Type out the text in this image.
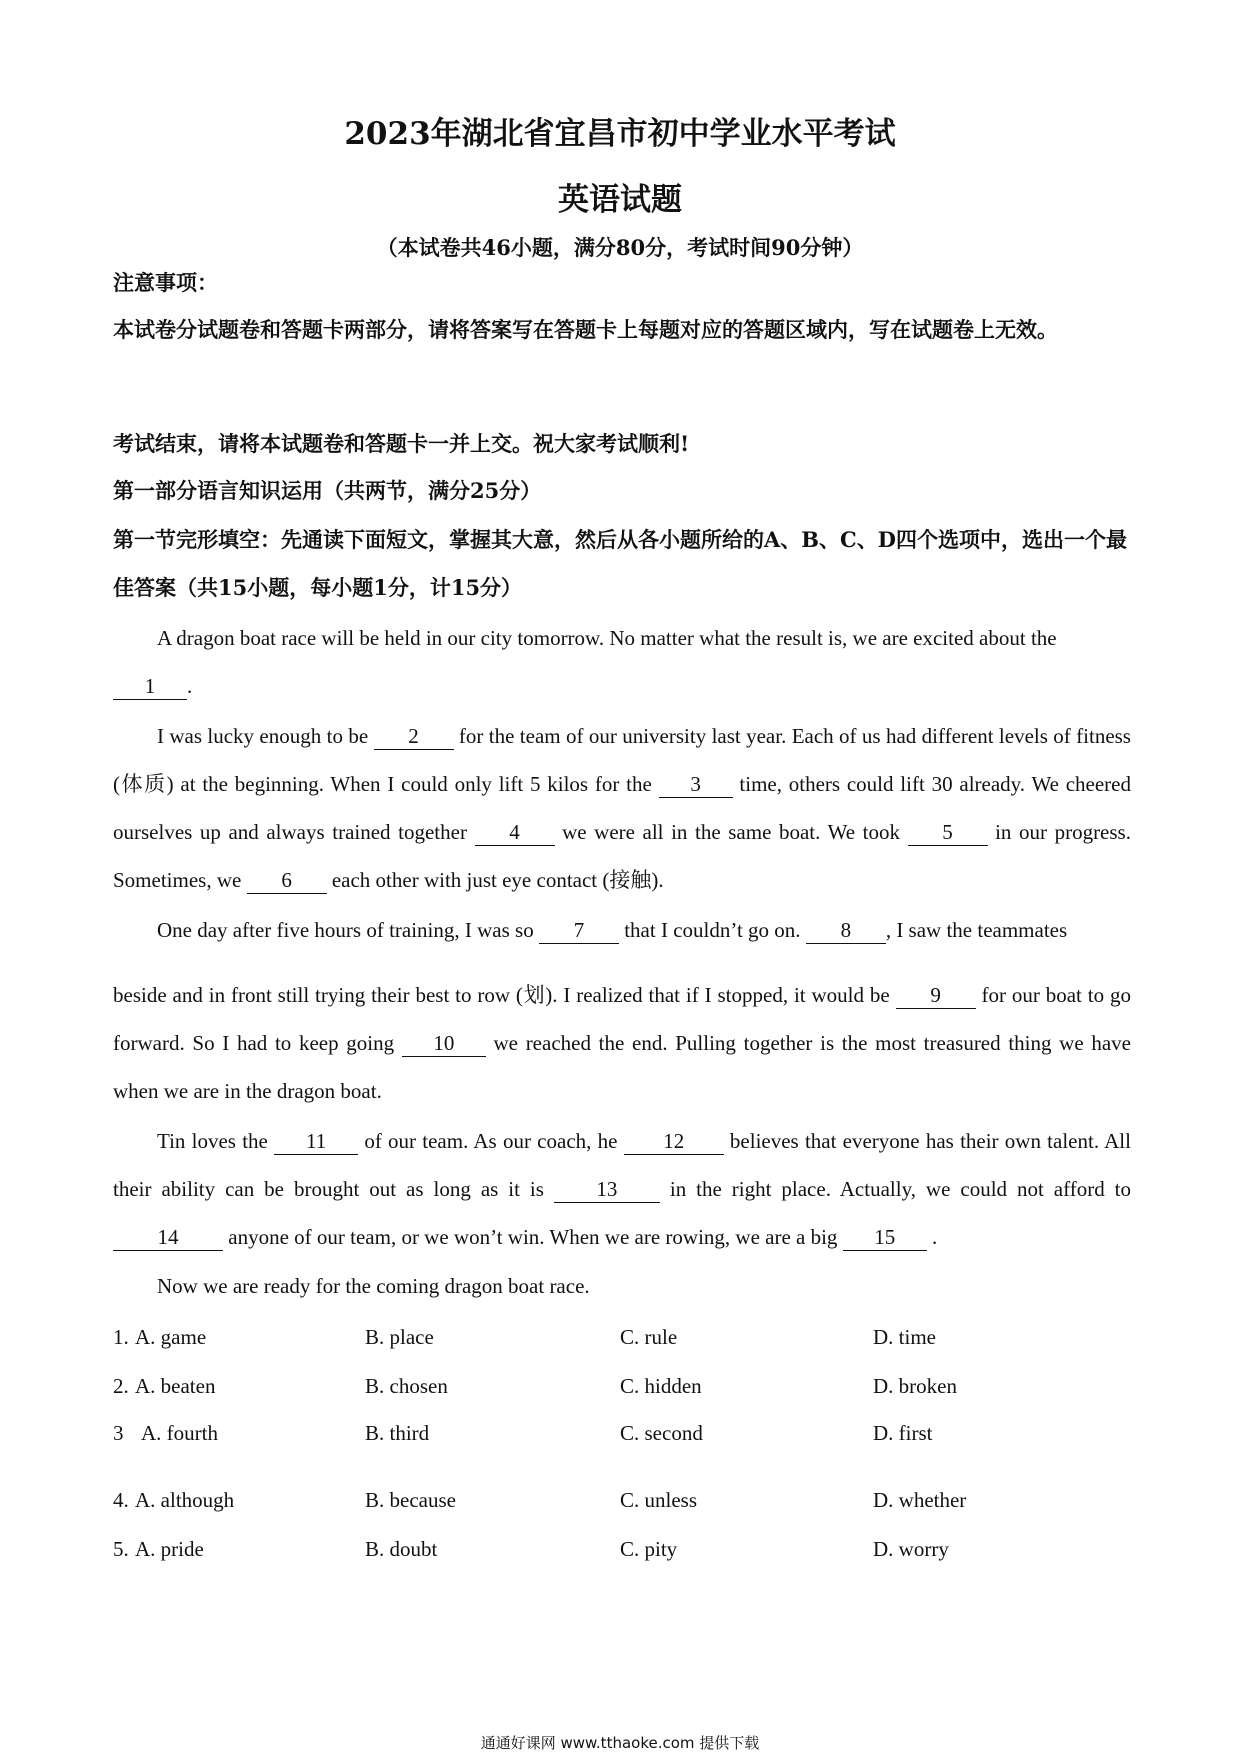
2023年湖北省宜昌市初中学业水平考试
英语试题
（本试卷共46小题，满分80分，考试时间90分钟）
注意事项：
本试卷分试题卷和答题卡两部分，请将答案写在答题卡上每题对应的答题区域内，写在试题卷上无效。
考试结束，请将本试题卷和答题卡一并上交。祝大家考试顺利!
第一部分语言知识运用（共两节，满分25分）
第一节完形填空：先通读下面短文，掌握其大意，然后从各小题所给的A、B、C、D四个选项中，选出一个最佳答案（共15小题，每小题1分，计15分）
A dragon boat race will be held in our city tomorrow. No matter what the result is, we are excited about the
1 .
I was lucky enough to be 2 for the team of our university last year. Each of us had different levels of fitness (体质) at the beginning. When I could only lift 5 kilos for the 3 time, others could lift 30 already. We cheered ourselves up and always trained together 4 we were all in the same boat. We took 5 in our progress. Sometimes, we 6 each other with just eye contact (接触).
One day after five hours of training, I was so 7 that I couldn’t go on. 8 , I saw the teammates
beside and in front still trying their best to row (划). I realized that if I stopped, it would be 9 for our boat to go forward. So I had to keep going 10 we reached the end. Pulling together is the most treasured thing we have when we are in the dragon boat.
Tin loves the 11 of our team. As our coach, he 12 believes that everyone has their own talent. All their ability can be brought out as long as it is 13 in the right place. Actually, we could not afford to 14 anyone of our team, or we won’t win. When we are rowing, we are a big 15 .
Now we are ready for the coming dragon boat race.
1. A. game	B. place	C. rule	D. time
2. A. beaten	B. chosen	C. hidden	D. broken
3 A. fourth	B. third	C. second	D. first
4. A. although	B. because	C. unless	D. whether
5. A. pride	B. doubt	C. pity	D. worry
通通好课网 www.tthaoke.com 提供下载
